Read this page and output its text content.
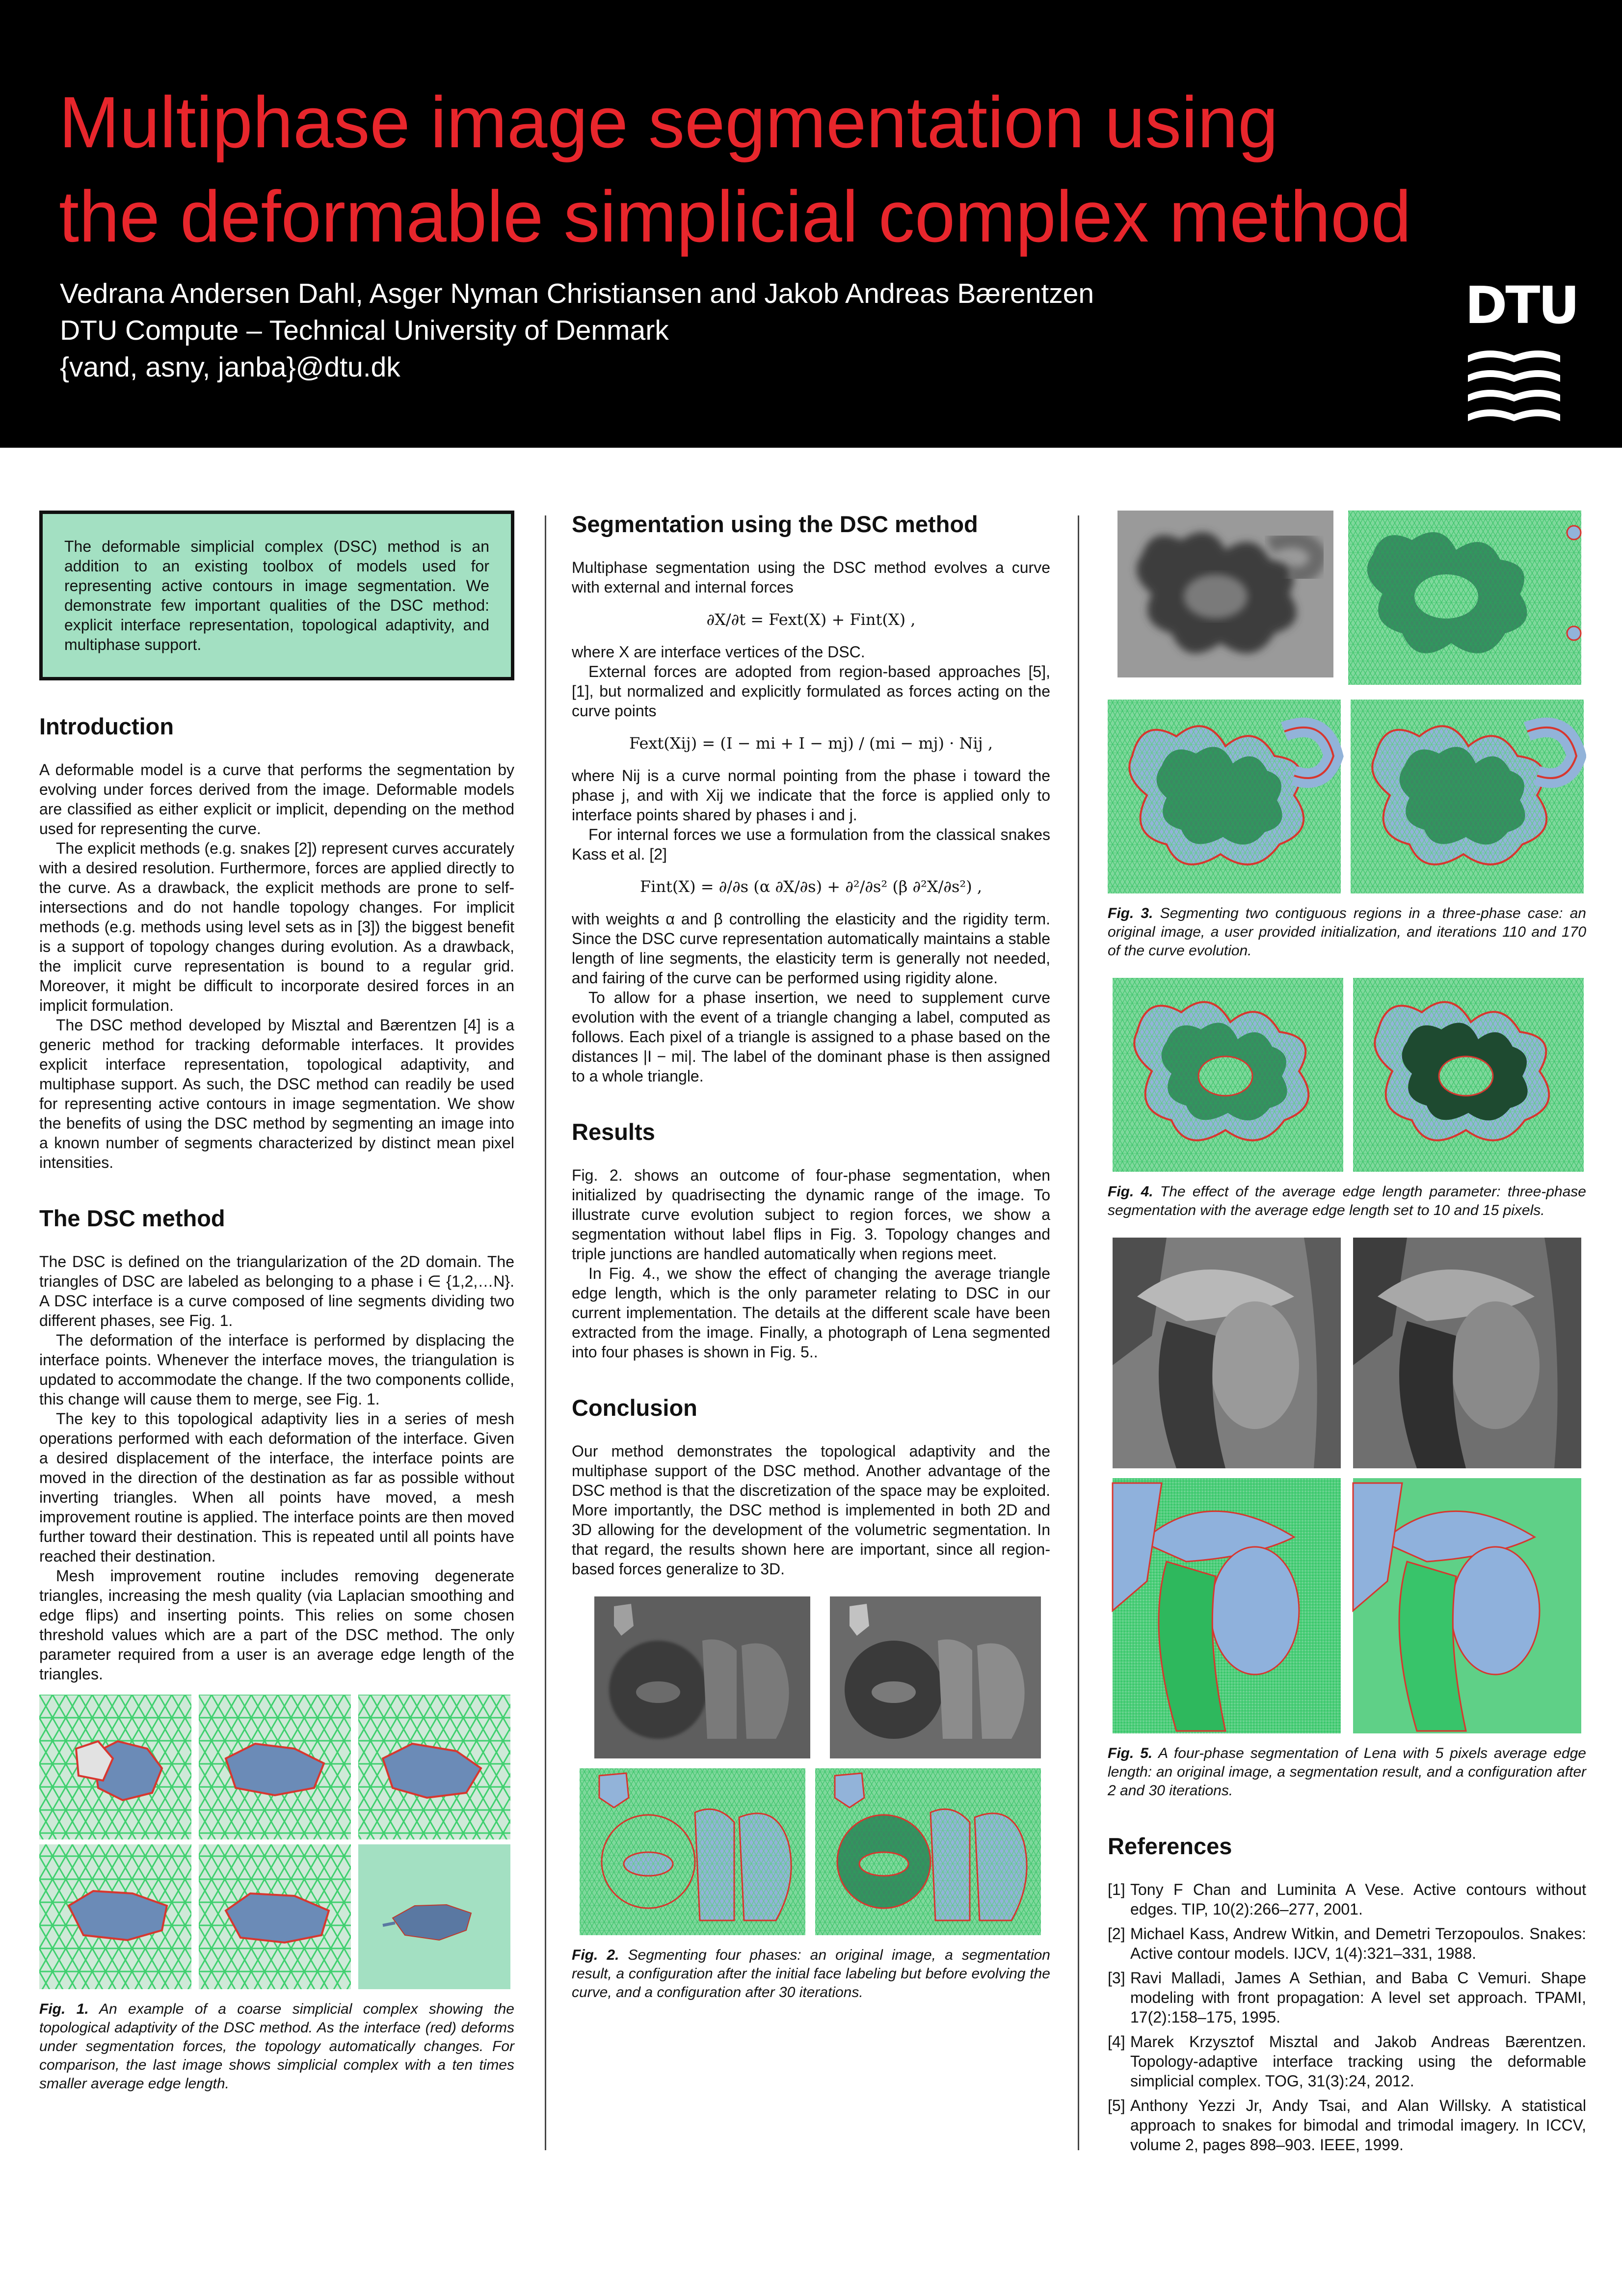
Multiphase image segmentation using
the deformable simplicial complex method
Vedrana Andersen Dahl, Asger Nyman Christiansen and Jakob Andreas Bærentzen
DTU Compute – Technical University of Denmark
{vand, asny, janba}@dtu.dk
DTU
The deformable simplicial complex (DSC) method is an addition to an existing toolbox of models used for representing active contours in image segmentation. We demonstrate few important qualities of the DSC method: explicit interface representation, topological adaptivity, and multiphase support.
Introduction

A deformable model is a curve that performs the segmentation by evolving under forces derived from the image. Deformable models are classified as either explicit or implicit, depending on the method used for representing the curve.

The explicit methods (e.g. snakes [2]) represent curves accurately with a desired resolution. Furthermore, forces are applied directly to the curve. As a drawback, the explicit methods are prone to self-intersections and do not handle topology changes. For implicit methods (e.g. methods using level sets as in [3]) the biggest benefit is a support of topology changes during evolution. As a drawback, the implicit curve representation is bound to a regular grid. Moreover, it might be difficult to incorporate desired forces in an implicit formulation.

The DSC method developed by Misztal and Bærentzen [4] is a generic method for tracking deformable interfaces. It provides explicit interface representation, topological adaptivity, and multiphase support. As such, the DSC method can readily be used for representing active contours in image segmentation. We show the benefits of using the DSC method by segmenting an image into a known number of segments characterized by distinct mean pixel intensities.

The DSC method

The DSC is defined on the triangularization of the 2D domain. The triangles of DSC are labeled as belonging to a phase i ∈ {1,2,…N}. A DSC interface is a curve composed of line segments dividing two different phases, see Fig. 1.

The deformation of the interface is performed by displacing the interface points. Whenever the interface moves, the triangulation is updated to accommodate the change. If the two components collide, this change will cause them to merge, see Fig. 1.

The key to this topological adaptivity lies in a series of mesh operations performed with each deformation of the interface. Given a desired displacement of the interface, the interface points are moved in the direction of the destination as far as possible without inverting triangles. When all points have moved, a mesh improvement routine is applied. The interface points are then moved further toward their destination. This is repeated until all points have reached their destination.

Mesh improvement routine includes removing degenerate triangles, increasing the mesh quality (via Laplacian smoothing and edge flips) and inserting points. This relies on some chosen threshold values which are a part of the DSC method. The only parameter required from a user is an average edge length of the triangles.

Fig. 1. An example of a coarse simplicial complex showing the topological adaptivity of the DSC method. As the interface (red) deforms under segmentation forces, the topology automatically changes. For comparison, the last image shows simplicial complex with a ten times smaller average edge length.
Segmentation using the DSC method

Multiphase segmentation using the DSC method evolves a curve with external and internal forces

∂X/∂t = Fext(X) + Fint(X) ,

where X are interface vertices of the DSC.

External forces are adopted from region-based approaches [5], [1], but normalized and explicitly formulated as forces acting on the curve points

Fext(Xij) = (I − mi + I − mj) / (mi − mj) · Nij ,

where Nij is a curve normal pointing from the phase i toward the phase j, and with Xij we indicate that the force is applied only to interface points shared by phases i and j.

For internal forces we use a formulation from the classical snakes Kass et al. [2]

Fint(X) = ∂/∂s (α ∂X/∂s) + ∂²/∂s² (β ∂²X/∂s²) ,

with weights α and β controlling the elasticity and the rigidity term. Since the DSC curve representation automatically maintains a stable length of line segments, the elasticity term is generally not needed, and fairing of the curve can be performed using rigidity alone.

To allow for a phase insertion, we need to supplement curve evolution with the event of a triangle changing a label, computed as follows. Each pixel of a triangle is assigned to a phase based on the distances |I − mi|. The label of the dominant phase is then assigned to a whole triangle.

Results

Fig. 2. shows an outcome of four-phase segmentation, when initialized by quadrisecting the dynamic range of the image. To illustrate curve evolution subject to region forces, we show a segmentation without label flips in Fig. 3. Topology changes and triple junctions are handled automatically when regions meet.

In Fig. 4., we show the effect of changing the average triangle edge length, which is the only parameter relating to DSC in our current implementation. The details at the different scale have been extracted from the image. Finally, a photograph of Lena segmented into four phases is shown in Fig. 5..

Conclusion

Our method demonstrates the topological adaptivity and the multiphase support of the DSC method. Another advantage of the DSC method is that the discretization of the space may be exploited. More importantly, the DSC method is implemented in both 2D and 3D allowing for the development of the volumetric segmentation. In that regard, the results shown here are important, since all region-based forces generalize to 3D.

Fig. 2. Segmenting four phases: an original image, a segmentation result, a configuration after the initial face labeling but before evolving the curve, and a configuration after 30 iterations.
Fig. 3. Segmenting two contiguous regions in a three-phase case: an original image, a user provided initialization, and iterations 110 and 170 of the curve evolution.
Fig. 4. The effect of the average edge length parameter: three-phase segmentation with the average edge length set to 10 and 15 pixels.
Fig. 5. A four-phase segmentation of Lena with 5 pixels average edge length: an original image, a segmentation result, and a configuration after 2 and 30 iterations.
References
[1] Tony F Chan and Luminita A Vese. Active contours without edges. TIP, 10(2):266–277, 2001.
[2] Michael Kass, Andrew Witkin, and Demetri Terzopoulos. Snakes: Active contour models. IJCV, 1(4):321–331, 1988.
[3] Ravi Malladi, James A Sethian, and Baba C Vemuri. Shape modeling with front propagation: A level set approach. TPAMI, 17(2):158–175, 1995.
[4] Marek Krzysztof Misztal and Jakob Andreas Bærentzen. Topology-adaptive interface tracking using the deformable simplicial complex. TOG, 31(3):24, 2012.
[5] Anthony Yezzi Jr, Andy Tsai, and Alan Willsky. A statistical approach to snakes for bimodal and trimodal imagery. In ICCV, volume 2, pages 898–903. IEEE, 1999.
